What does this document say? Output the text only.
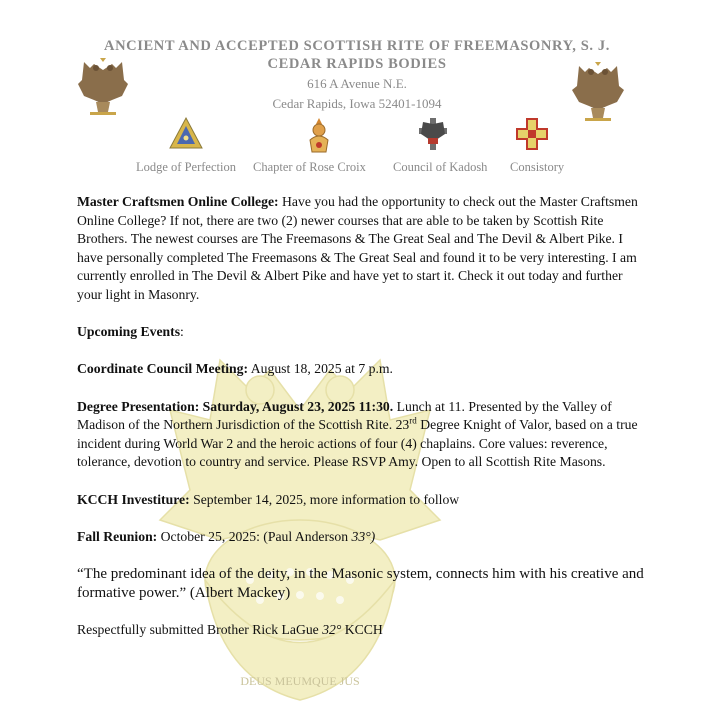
DEUS MEUMQUE JUS
ANCIENT AND ACCEPTED SCOTTISH RITE OF FREEMASONRY, S. J.
CEDAR RAPIDS BODIES
616 A Avenue N.E.
Cedar Rapids, Iowa 52401-1094
Lodge of Perfection Chapter of Rose Croix Council of Kadosh Consistory

Master Craftsmen Online College: Have you had the opportunity to check out the Master Craftsmen Online College? If not, there are two (2) newer courses that are able to be taken by Scottish Rite Brothers. The newest courses are The Freemasons & The Great Seal and The Devil & Albert Pike. I have personally completed The Freemasons & The Great Seal and found it to be very interesting. I am currently enrolled in The Devil & Albert Pike and have yet to start it. Check it out today and further your light in Masonry.

Upcoming Events:

Coordinate Council Meeting: August 18, 2025 at 7 p.m.

Degree Presentation: Saturday, August 23, 2025 11:30. Lunch at 11. Presented by the Valley of Madison of the Northern Jurisdiction of the Scottish Rite. 23rd Degree Knight of Valor, based on a true incident during World War 2 and the heroic actions of four (4) chaplains. Core values: reverence, tolerance, devotion to country and service. Please RSVP Amy. Open to all Scottish Rite Masons.

KCCH Investiture: September 14, 2025, more information to follow

Fall Reunion: October 25, 2025: (Paul Anderson 33°)

“The predominant idea of the deity, in the Masonic system, connects him with his creative and formative power.” (Albert Mackey)

Respectfully submitted Brother Rick LaGue 32° KCCH
